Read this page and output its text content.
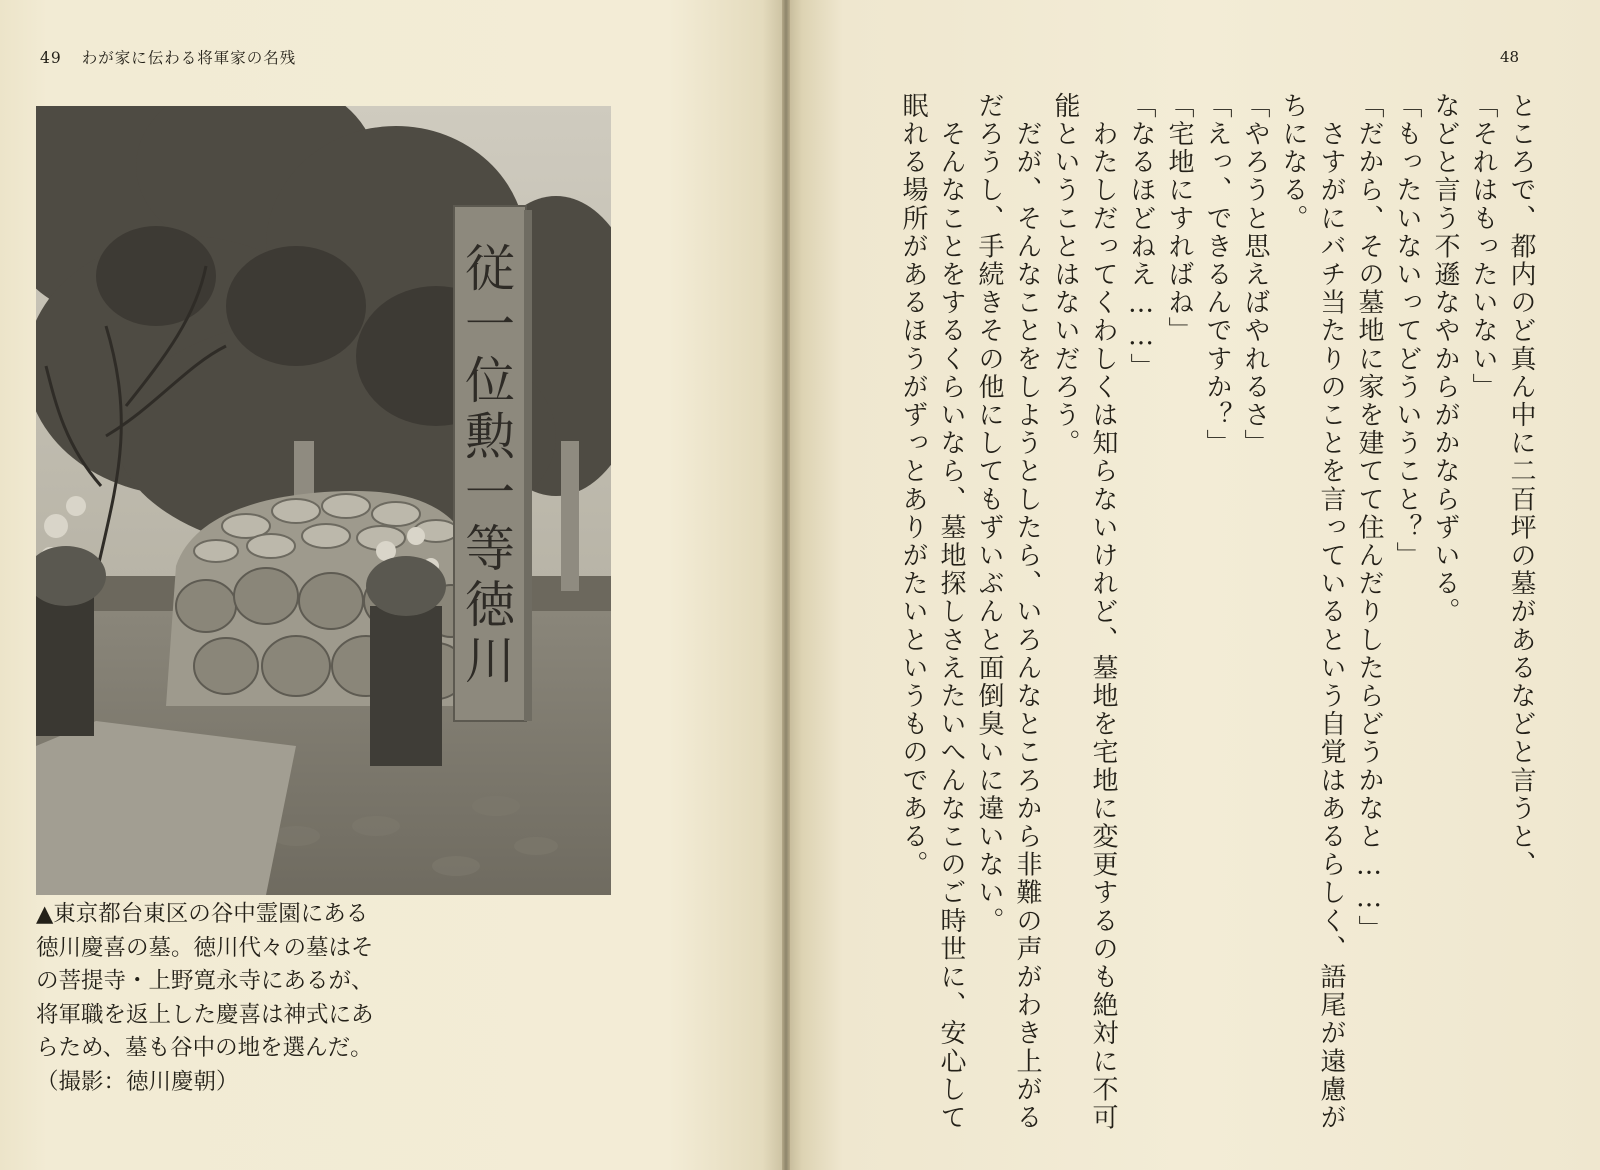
49 わが家に伝わる将軍家の名残	48
従一位勲一等徳川
▲東京都台東区の谷中霊園にある徳川慶喜の墓。徳川代々の墓はその菩提寺・上野寛永寺にあるが、将軍職を返上した慶喜は神式にあらため、墓も谷中の地を選んだ。　（撮影：徳川慶朝）

ところで、都内のど真ん中に二百坪の墓があるなどと言うと、

「それはもったいない」

などと言う不遜なやからがかならずいる。

「もったいないってどういうこと？」

「だから、その墓地に家を建てて住んだりしたらどうかなと……」

　さすがにバチ当たりのことを言っているという自覚はあるらしく、語尾が遠慮がちになる。

「やろうと思えばやれるさ」

「えっ、できるんですか？」

「宅地にすればね」

「なるほどねえ……」

　わたしだってくわしくは知らないけれど、墓地を宅地に変更するのも絶対に不可能ということはないだろう。

　だが、そんなことをしようとしたら、いろんなところから非難の声がわき上がるだろうし、手続きその他にしてもずいぶんと面倒臭いに違いない。

　そんなことをするくらいなら、墓地探しさえたいへんなこのご時世に、安心して眠れる場所があるほうがずっとありがたいというものである。
